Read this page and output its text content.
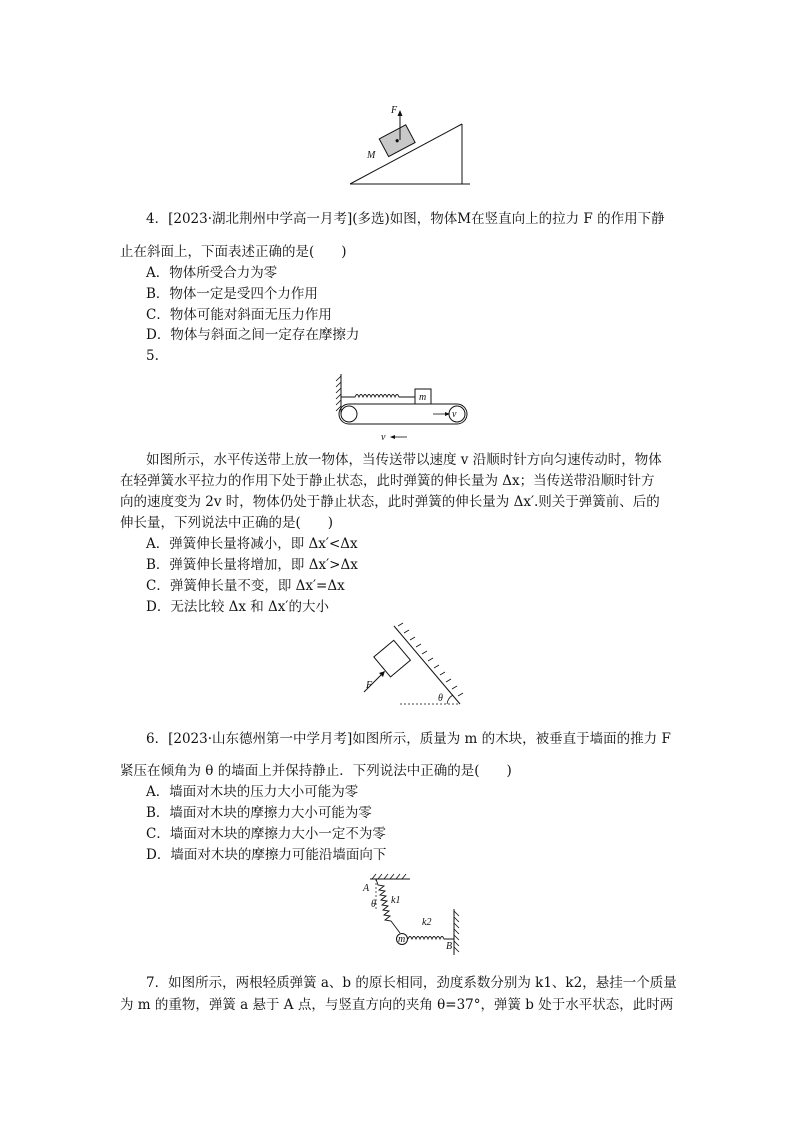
F
M
4．[2023·湖北荆州中学高一月考](多选)如图，物体M在竖直向上的拉力 F 的作用下静
止在斜面上，下面表述正确的是(　　)
A．物体所受合力为零
B．物体一定是受四个力作用
C．物体可能对斜面无压力作用
D．物体与斜面之间一定存在摩擦力
5.
m
v
v
如图所示，水平传送带上放一物体，当传送带以速度 v 沿顺时针方向匀速传动时，物体
在轻弹簧水平拉力的作用下处于静止状态，此时弹簧的伸长量为 Δx；当传送带沿顺时针方
向的速度变为 2v 时，物体仍处于静止状态，此时弹簧的伸长量为 Δx′.则关于弹簧前、后的
伸长量，下列说法中正确的是(　　)
A．弹簧伸长量将减小，即 Δx′<Δx
B．弹簧伸长量将增加，即 Δx′>Δx
C．弹簧伸长量不变，即 Δx′=Δx
D．无法比较 Δx 和 Δx′的大小
F
θ
6．[2023·山东德州第一中学月考]如图所示，质量为 m 的木块，被垂直于墙面的推力 F
紧压在倾角为 θ 的墙面上并保持静止．下列说法中正确的是(　　)
A．墙面对木块的压力大小可能为零
B．墙面对木块的摩擦力大小可能为零
C．墙面对木块的摩擦力大小一定不为零
D．墙面对木块的摩擦力可能沿墙面向下
A
θ k1
m
k2
B
7．如图所示，两根轻质弹簧 a、b 的原长相同，劲度系数分别为 k1、k2，悬挂一个质量
为 m 的重物，弹簧 a 悬于 A 点，与竖直方向的夹角 θ=37°，弹簧 b 处于水平状态，此时两
